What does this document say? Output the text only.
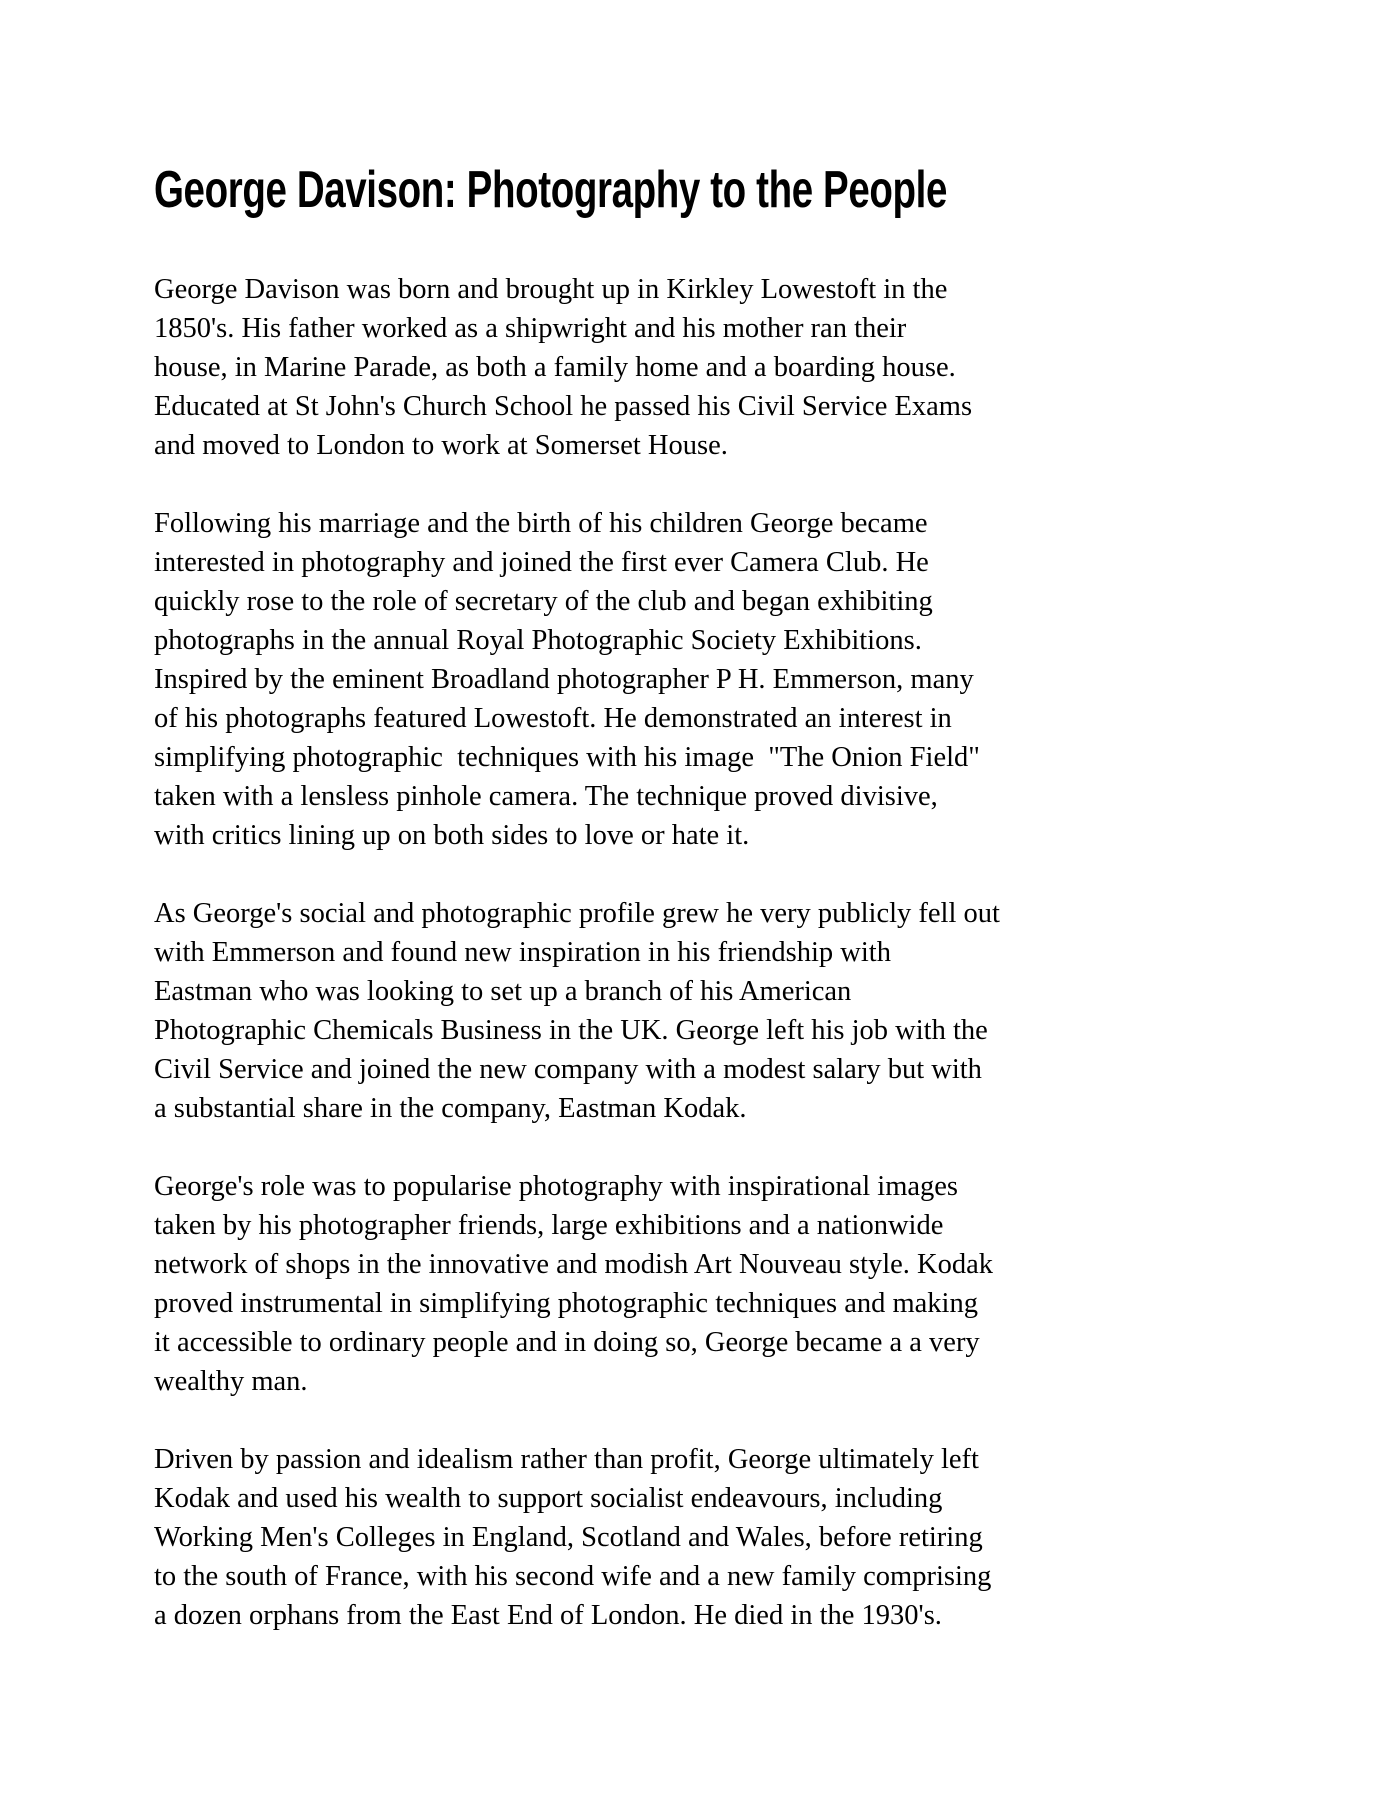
George Davison: Photography to the People

George Davison was born and brought up in Kirkley Lowestoft in the
1850's. His father worked as a shipwright and his mother ran their
house, in Marine Parade, as both a family home and a boarding house.
Educated at St John's Church School he passed his Civil Service Exams
and moved to London to work at Somerset House.

Following his marriage and the birth of his children George became
interested in photography and joined the first ever Camera Club. He
quickly rose to the role of secretary of the club and began exhibiting
photographs in the annual Royal Photographic Society Exhibitions.
Inspired by the eminent Broadland photographer P H. Emmerson, many
of his photographs featured Lowestoft. He demonstrated an interest in
simplifying photographic  techniques with his image  "The Onion Field"
taken with a lensless pinhole camera. The technique proved divisive,
with critics lining up on both sides to love or hate it.

As George's social and photographic profile grew he very publicly fell out
with Emmerson and found new inspiration in his friendship with
Eastman who was looking to set up a branch of his American
Photographic Chemicals Business in the UK. George left his job with the
Civil Service and joined the new company with a modest salary but with
a substantial share in the company, Eastman Kodak.

George's role was to popularise photography with inspirational images
taken by his photographer friends, large exhibitions and a nationwide
network of shops in the innovative and modish Art Nouveau style. Kodak
proved instrumental in simplifying photographic techniques and making
it accessible to ordinary people and in doing so, George became a a very
wealthy man.

Driven by passion and idealism rather than profit, George ultimately left
Kodak and used his wealth to support socialist endeavours, including
Working Men's Colleges in England, Scotland and Wales, before retiring
to the south of France, with his second wife and a new family comprising
a dozen orphans from the East End of London. He died in the 1930's.
